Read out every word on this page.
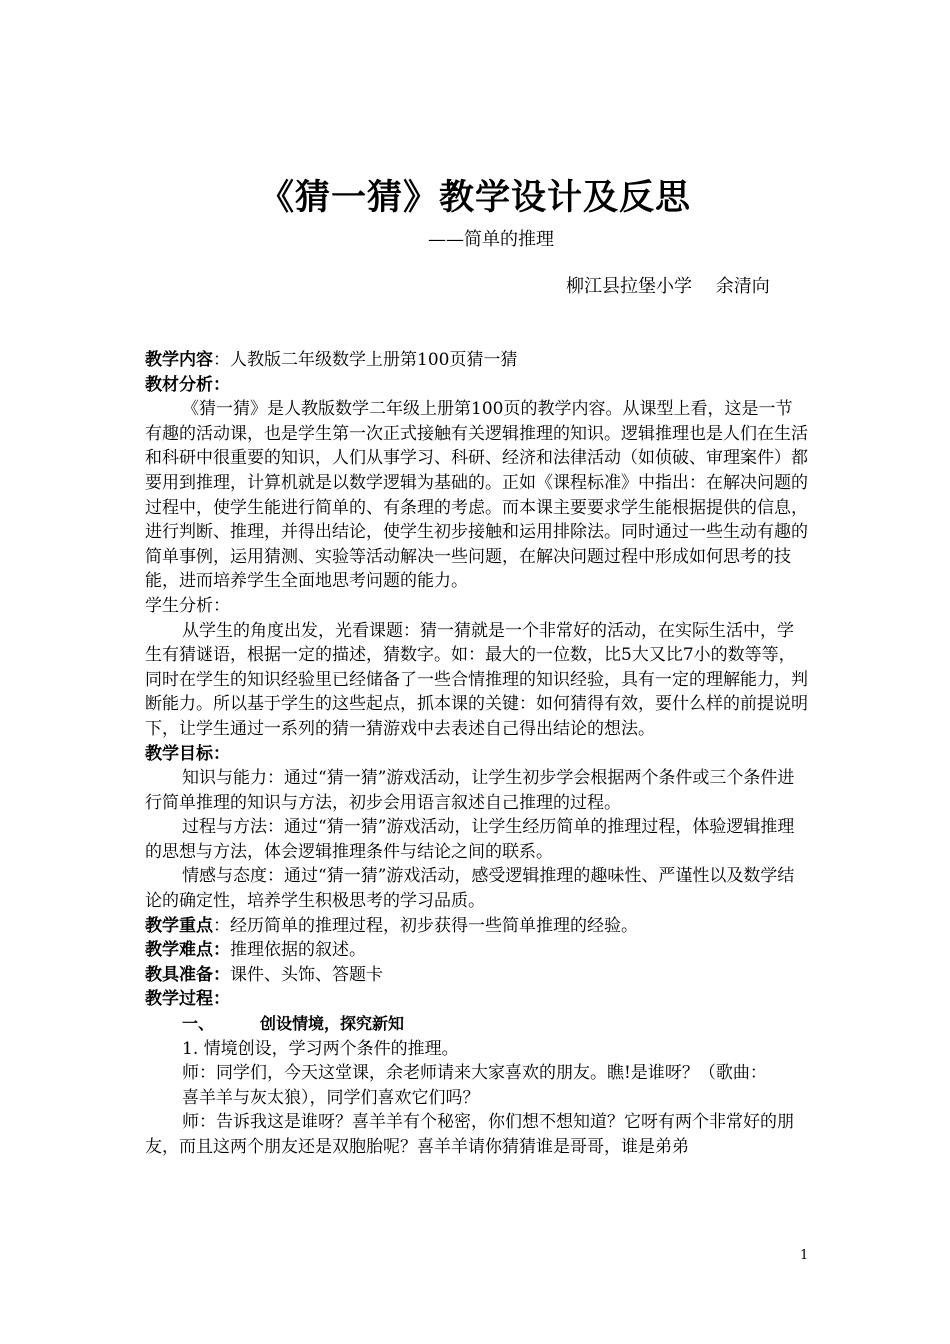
《猜一猜》教学设计及反思
——简单的推理
柳江县拉堡小学　 余清向

教学内容：人教版二年级数学上册第100页猜一猜

教材分析：

《猜一猜》是人教版数学二年级上册第100页的教学内容。从课型上看，这是一节有趣的活动课，也是学生第一次正式接触有关逻辑推理的知识。逻辑推理也是人们在生活和科研中很重要的知识，人们从事学习、科研、经济和法律活动（如侦破、审理案件）都要用到推理，计算机就是以数学逻辑为基础的。正如《课程标准》中指出：在解决问题的过程中，使学生能进行简单的、有条理的考虑。而本课主要要求学生能根据提供的信息，进行判断、推理，并得出结论，使学生初步接触和运用排除法。同时通过一些生动有趣的简单事例，运用猜测、实验等活动解决一些问题，在解决问题过程中形成如何思考的技能，进而培养学生全面地思考问题的能力。

学生分析：

从学生的角度出发，光看课题：猜一猜就是一个非常好的活动，在实际生活中，学生有猜谜语，根据一定的描述，猜数字。如：最大的一位数，比5大又比7小的数等等，同时在学生的知识经验里已经储备了一些合情推理的知识经验，具有一定的理解能力，判断能力。所以基于学生的这些起点，抓本课的关键：如何猜得有效，要什么样的前提说明下，让学生通过一系列的猜一猜游戏中去表述自己得出结论的想法。

教学目标：

知识与能力：通过“猜一猜”游戏活动，让学生初步学会根据两个条件或三个条件进行简单推理的知识与方法，初步会用语言叙述自己推理的过程。

过程与方法：通过“猜一猜”游戏活动，让学生经历简单的推理过程，体验逻辑推理的思想与方法，体会逻辑推理条件与结论之间的联系。

情感与态度：通过“猜一猜”游戏活动，感受逻辑推理的趣味性、严谨性以及数学结论的确定性，培养学生积极思考的学习品质。

教学重点：经历简单的推理过程，初步获得一些简单推理的经验。

教学难点：推理依据的叙述。

教具准备：课件、头饰、答题卡

教学过程：

一、	创设情境，探究新知

1. 情境创设，学习两个条件的推理。

师：同学们，今天这堂课，余老师请来大家喜欢的朋友。瞧!是谁呀？（歌曲：

喜羊羊与灰太狼），同学们喜欢它们吗？

师：告诉我这是谁呀？喜羊羊有个秘密，你们想不想知道？它呀有两个非常好的朋友，而且这两个朋友还是双胞胎呢？喜羊羊请你猜猜谁是哥哥，谁是弟弟

1
